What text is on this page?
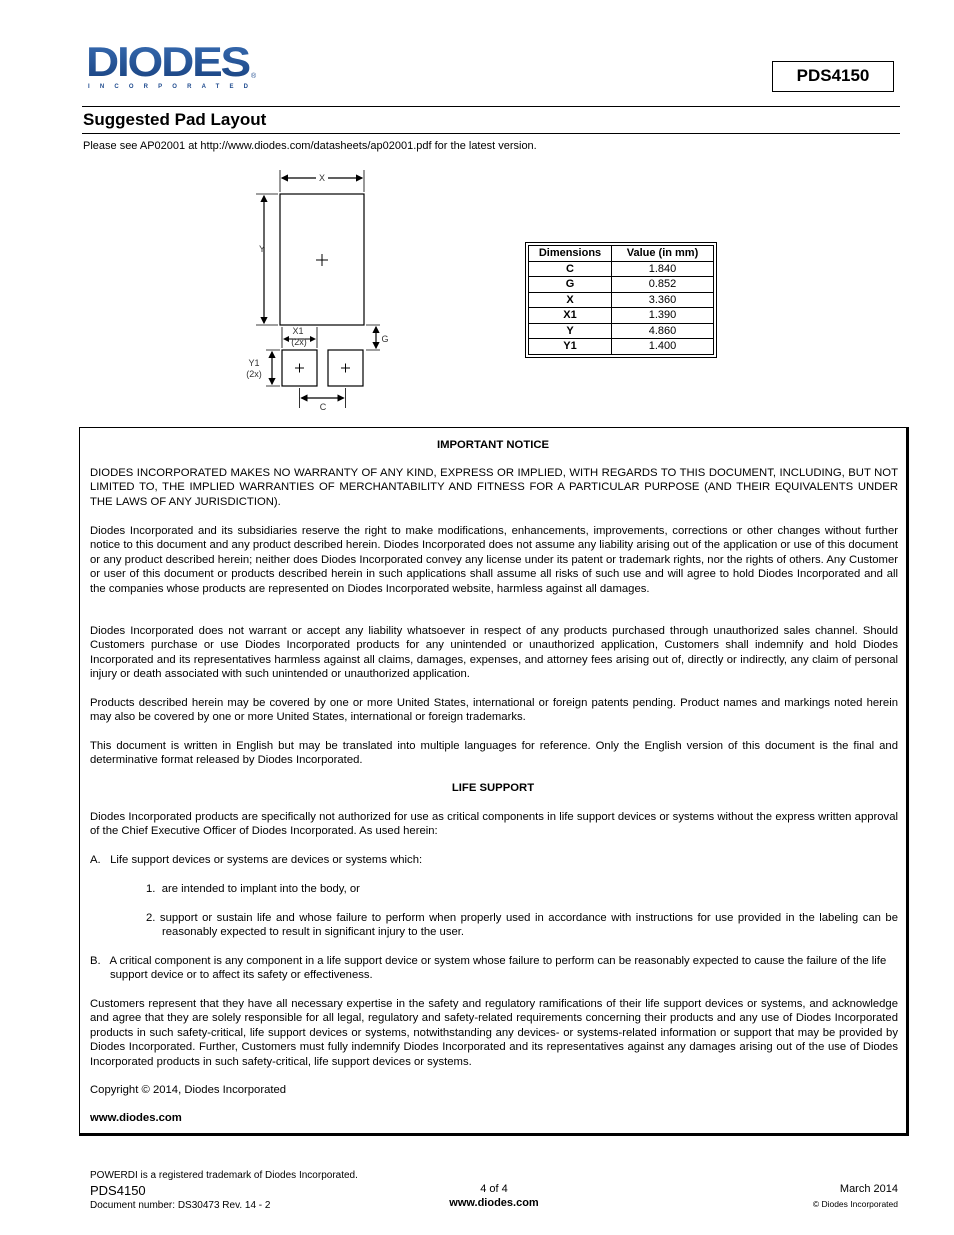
DIODES ®
INCORPORATED
PDS4150
Suggested Pad Layout
Please see AP02001 at http://www.diodes.com/datasheets/ap02001.pdf for the latest version.
X
Y
X1
(2x)	G
Y1
(2x)
C
Dimensions	Value (in mm)
C	1.840
G	0.852
X	3.360
X1	1.390
Y	4.860
Y1	1.400
IMPORTANT NOTICE
DIODES INCORPORATED MAKES NO WARRANTY OF ANY KIND, EXPRESS OR IMPLIED, WITH REGARDS TO THIS DOCUMENT, INCLUDING, BUT NOT LIMITED TO, THE IMPLIED WARRANTIES OF MERCHANTABILITY AND FITNESS FOR A PARTICULAR PURPOSE (AND THEIR EQUIVALENTS UNDER THE LAWS OF ANY JURISDICTION).
Diodes Incorporated and its subsidiaries reserve the right to make modifications, enhancements, improvements, corrections or other changes without further notice to this document and any product described herein. Diodes Incorporated does not assume any liability arising out of the application or use of this document or any product described herein; neither does Diodes Incorporated convey any license under its patent or trademark rights, nor the rights of others. Any Customer or user of this document or products described herein in such applications shall assume all risks of such use and will agree to hold Diodes Incorporated and all the companies whose products are represented on Diodes Incorporated website, harmless against all damages.
Diodes Incorporated does not warrant or accept any liability whatsoever in respect of any products purchased through unauthorized sales channel. Should Customers purchase or use Diodes Incorporated products for any unintended or unauthorized application, Customers shall indemnify and hold Diodes Incorporated and its representatives harmless against all claims, damages, expenses, and attorney fees arising out of, directly or indirectly, any claim of personal injury or death associated with such unintended or unauthorized application.
Products described herein may be covered by one or more United States, international or foreign patents pending. Product names and markings noted herein may also be covered by one or more United States, international or foreign trademarks.
This document is written in English but may be translated into multiple languages for reference. Only the English version of this document is the final and determinative format released by Diodes Incorporated.
LIFE SUPPORT
Diodes Incorporated products are specifically not authorized for use as critical components in life support devices or systems without the express written approval of the Chief Executive Officer of Diodes Incorporated. As used herein:
A.   Life support devices or systems are devices or systems which:
1.  are intended to implant into the body, or
2. support or sustain life and whose failure to perform when properly used in accordance with instructions for use provided in the labeling can be reasonably expected to result in significant injury to the user.
B.   A critical component is any component in a life support device or system whose failure to perform can be reasonably expected to cause the failure of the life support device or to affect its safety or effectiveness.
Customers represent that they have all necessary expertise in the safety and regulatory ramifications of their life support devices or systems, and acknowledge and agree that they are solely responsible for all legal, regulatory and safety-related requirements concerning their products and any use of Diodes Incorporated products in such safety-critical, life support devices or systems, notwithstanding any devices- or systems-related information or support that may be provided by Diodes Incorporated. Further, Customers must fully indemnify Diodes Incorporated and its representatives against any damages arising out of the use of Diodes Incorporated products in such safety-critical, life support devices or systems.
Copyright © 2014, Diodes Incorporated
www.diodes.com
POWERDI is a registered trademark of Diodes Incorporated.
PDS4150
Document number: DS30473 Rev. 14 - 2
4 of 4
www.diodes.com
March 2014
© Diodes Incorporated
